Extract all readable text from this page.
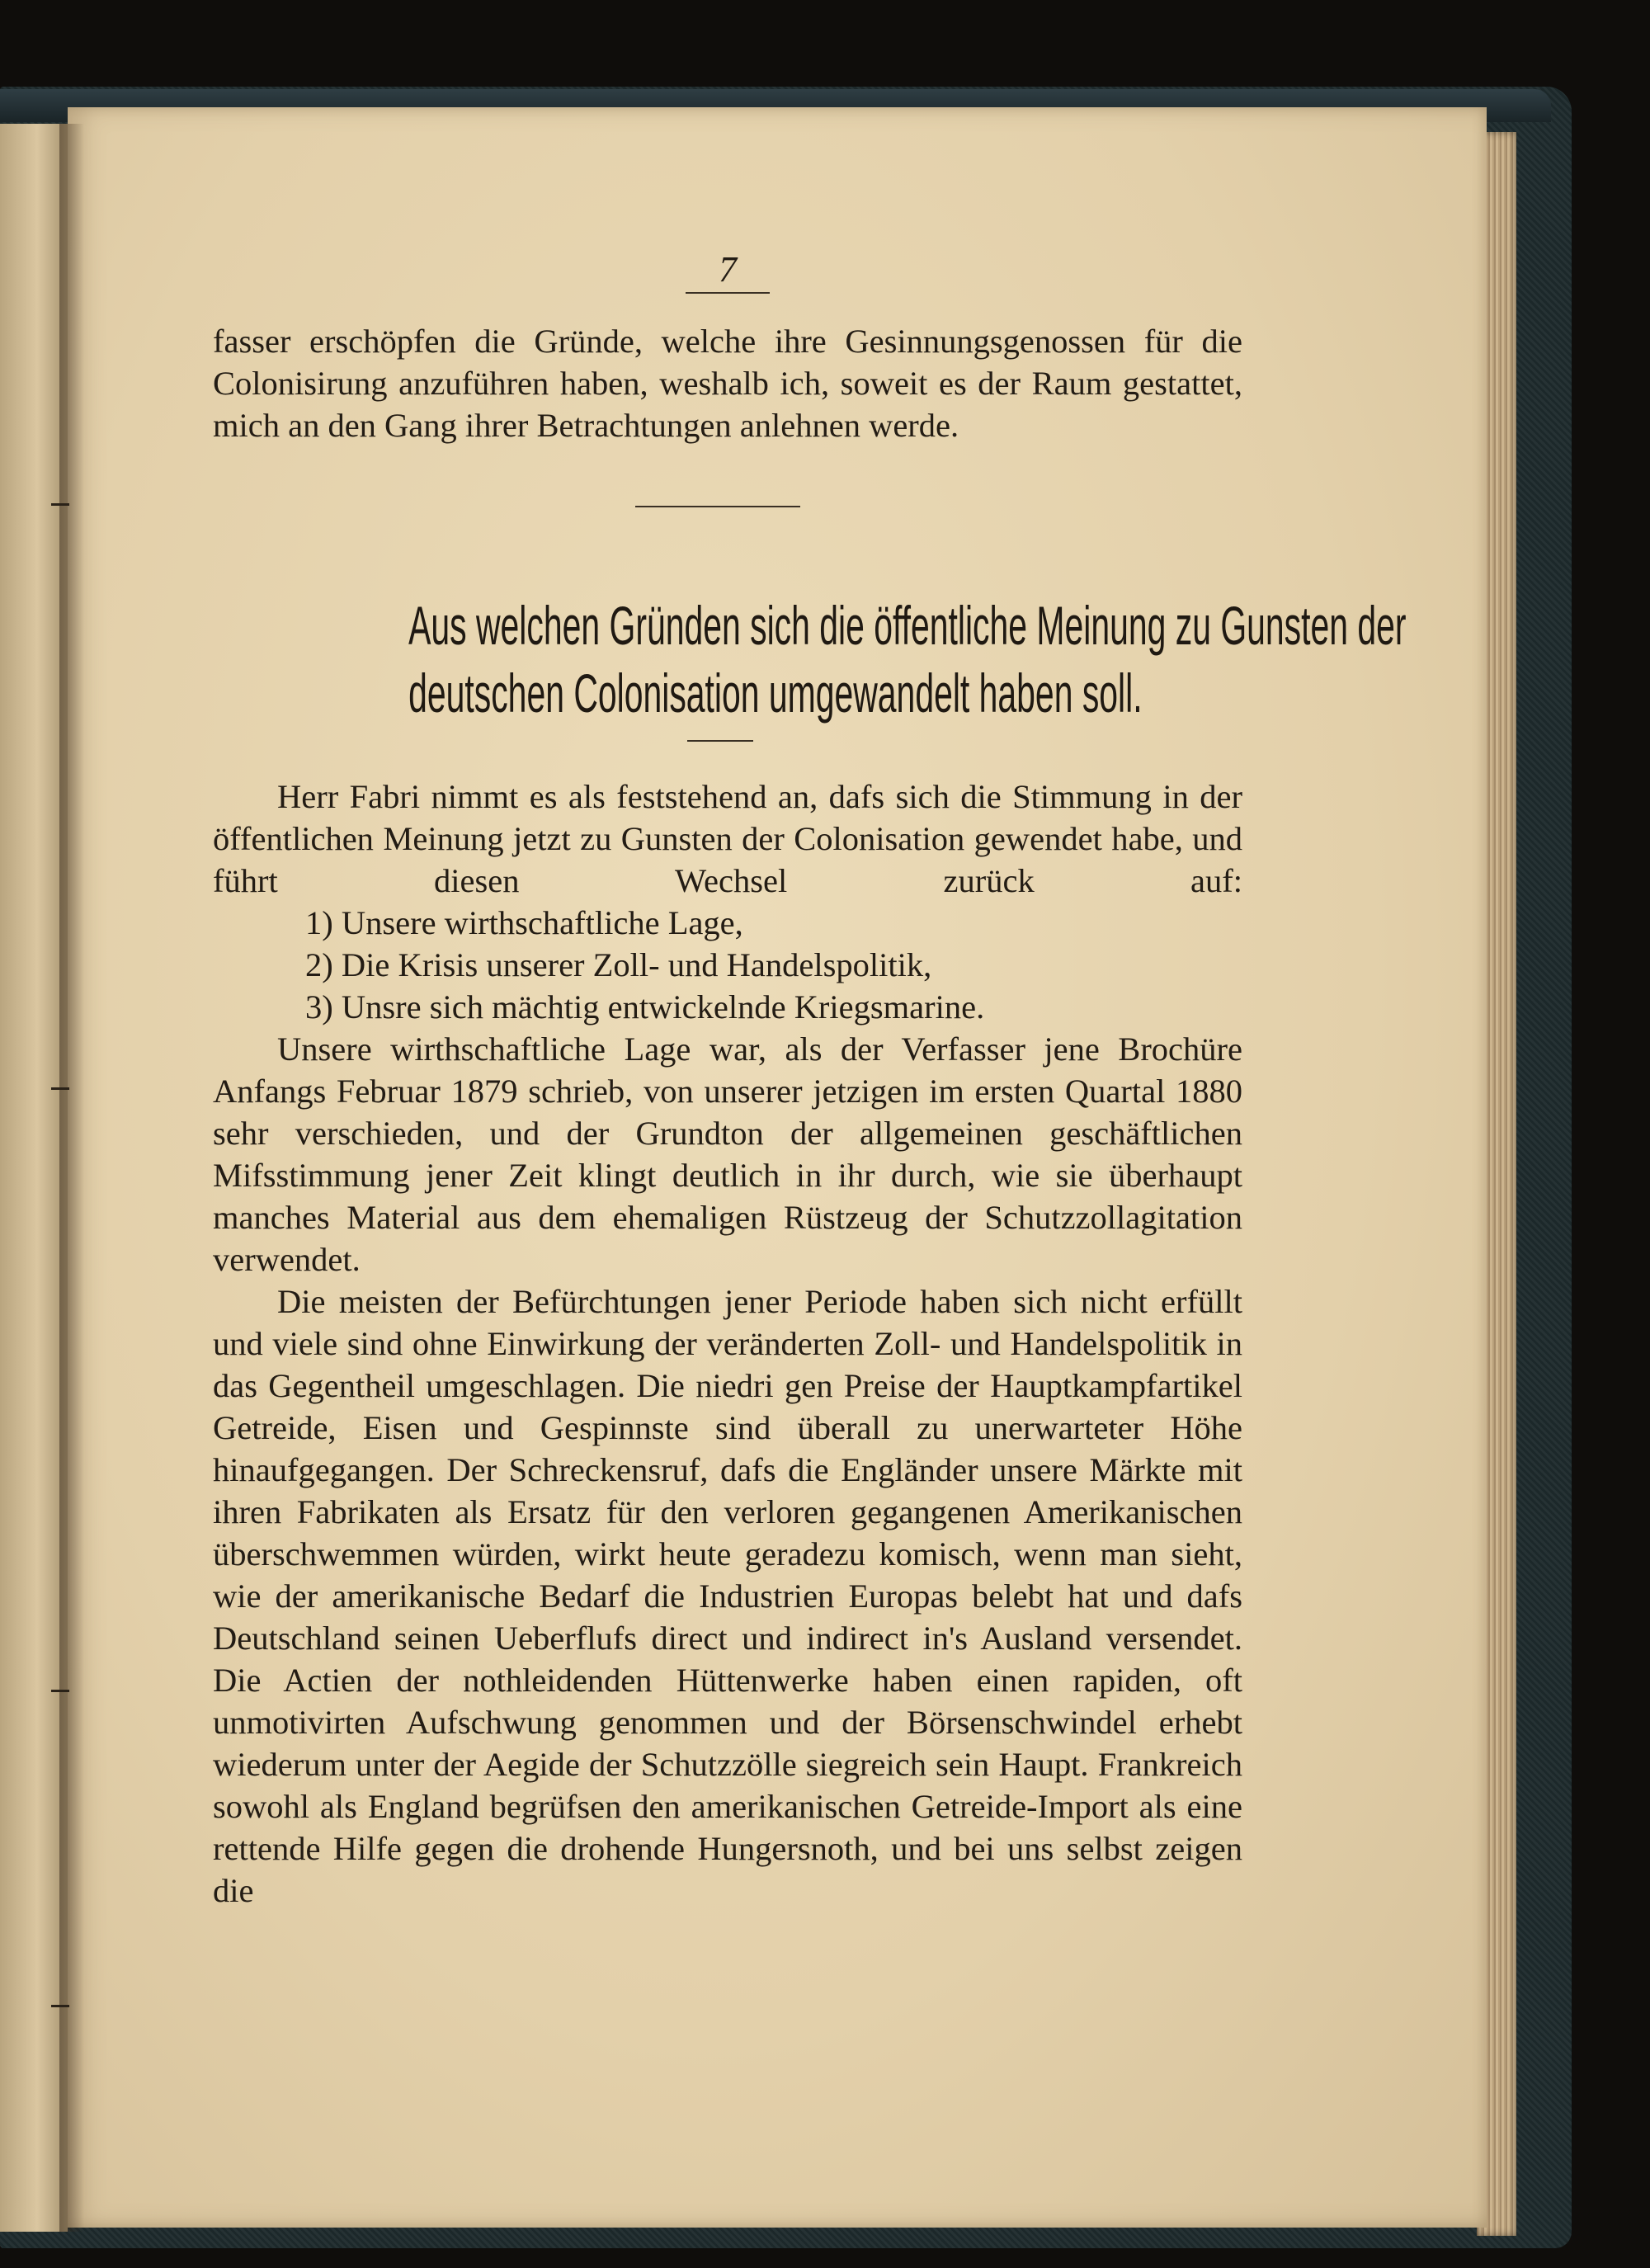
7

fasser erschöpfen die Gründe, welche ihre Gesinnungsgenossen für die Colonisirung anzuführen haben, weshalb ich, soweit es der Raum gestattet, mich an den Gang ihrer Betrachtungen anlehnen werde.

Aus welchen Gründen sich die öffentliche Meinung zu Gunsten der

deutschen Colonisation umgewandelt haben soll.

Herr Fabri nimmt es als feststehend an, dafs sich die Stimmung in der öffentlichen Meinung jetzt zu Gunsten der Colonisation gewendet habe, und führt diesen Wechsel zurück auf:

1) Unsere wirthschaftliche Lage,

2) Die Krisis unserer Zoll- und Handelspolitik,

3) Unsre sich mächtig entwickelnde Kriegsmarine.

Unsere wirthschaftliche Lage war, als der Verfasser jene Brochüre Anfangs Februar 1879 schrieb, von unserer jetzigen im ersten Quartal 1880 sehr verschieden, und der Grundton der allgemeinen geschäftlichen Mifsstimmung jener Zeit klingt deutlich in ihr durch, wie sie überhaupt manches Material aus dem ehemaligen Rüstzeug der Schutzzollagitation verwendet.

Die meisten der Befürchtungen jener Periode haben sich nicht erfüllt und viele sind ohne Einwirkung der veränderten Zoll- und Handelspolitik in das Gegentheil umgeschlagen. Die niedri gen Preise der Hauptkampfartikel Getreide, Eisen und Gespinnste sind überall zu unerwarteter Höhe hinaufgegangen. Der Schreckensruf, dafs die Engländer unsere Märkte mit ihren Fabrikaten als Ersatz für den verloren gegangenen Amerikanischen überschwemmen würden, wirkt heute geradezu komisch, wenn man sieht, wie der amerikanische Bedarf die Industrien Europas belebt hat und dafs Deutschland seinen Ueberflufs direct und indirect in's Ausland versendet. Die Actien der nothleidenden Hüttenwerke haben einen rapiden, oft unmotivirten Aufschwung genommen und der Börsenschwindel erhebt wiederum unter der Aegide der Schutzzölle siegreich sein Haupt. Frankreich sowohl als England begrüfsen den amerikanischen Getreide-Import als eine rettende Hilfe gegen die drohende Hungersnoth, und bei uns selbst zeigen die
